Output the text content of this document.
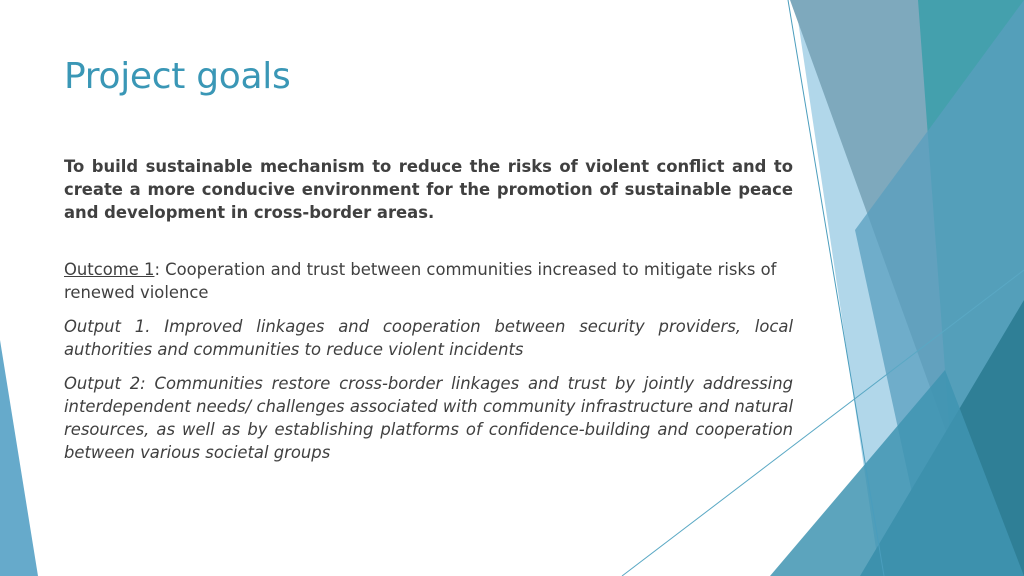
Project goals

To build sustainable mechanism to reduce the risks of violent conflict and to create a more conducive environment for the promotion of sustainable peace and development in cross-border areas.

Outcome 1: Cooperation and trust between communities increased to mitigate risks of renewed violence

Output 1. Improved linkages and cooperation between security providers, local authorities and communities to reduce violent incidents

Output 2: Communities restore cross-border linkages and trust by jointly addressing interdependent needs/ challenges associated with community infrastructure and natural resources, as well as by establishing platforms of confidence-building and cooperation between various societal groups
